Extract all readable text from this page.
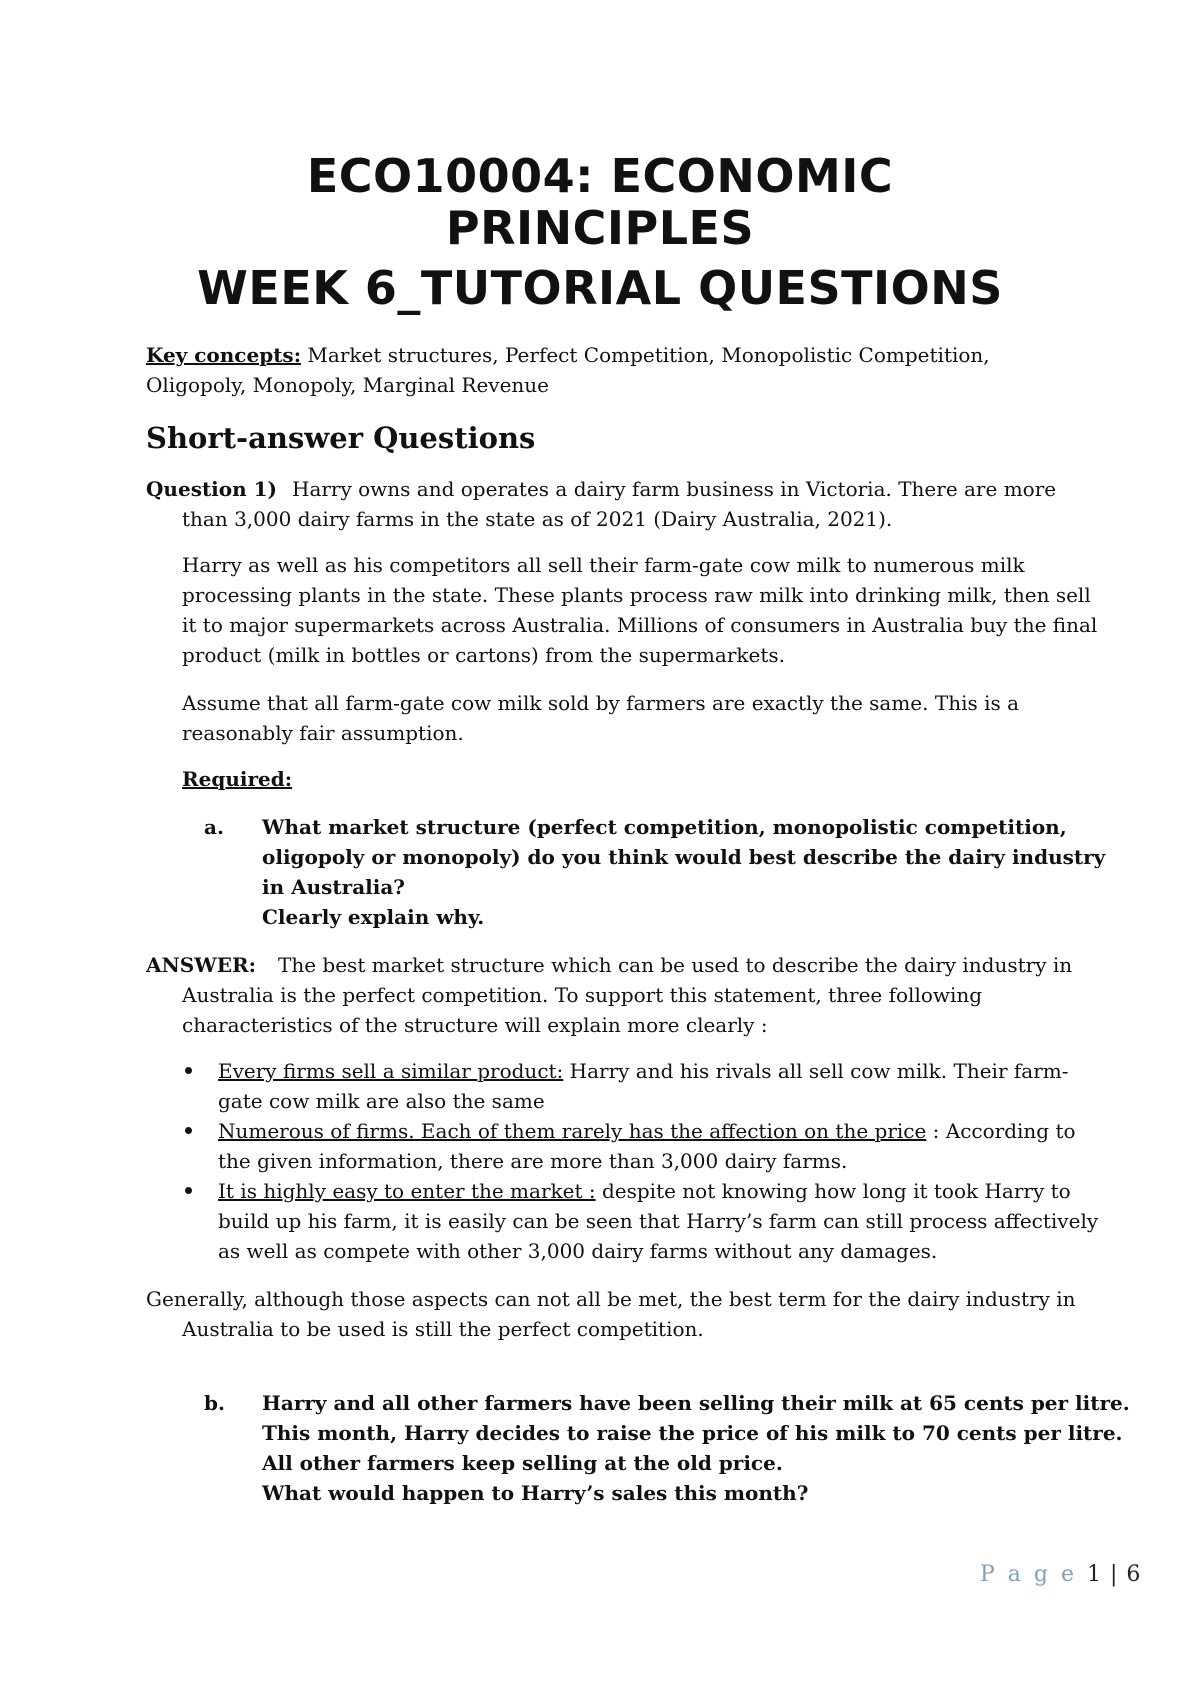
ECO10004: ECONOMIC
PRINCIPLES
WEEK 6_TUTORIAL QUESTIONS

Key concepts: Market structures, Perfect Competition, Monopolistic Competition,

Oligopoly, Monopoly, Marginal Revenue

Short-answer Questions
Question 1) Harry owns and operates a dairy farm business in Victoria. There are more

than 3,000 dairy farms in the state as of 2021 (Dairy Australia, 2021).

Harry as well as his competitors all sell their farm-gate cow milk to numerous milk

processing plants in the state. These plants process raw milk into drinking milk, then sell

it to major supermarkets across Australia. Millions of consumers in Australia buy the final

product (milk in bottles or cartons) from the supermarkets.

Assume that all farm-gate cow milk sold by farmers are exactly the same. This is a

reasonably fair assumption.

Required:

a. What market structure (perfect competition, monopolistic competition,

oligopoly or monopoly) do you think would best describe the dairy industry

in Australia?

Clearly explain why.

ANSWER: The best market structure which can be used to describe the dairy industry in

Australia is the perfect competition. To support this statement, three following

characteristics of the structure will explain more clearly :

Every firms sell a similar product: Harry and his rivals all sell cow milk. Their farm-

gate cow milk are also the same

Numerous of firms. Each of them rarely has the affection on the price : According to

the given information, there are more than 3,000 dairy farms.

It is highly easy to enter the market : despite not knowing how long it took Harry to

build up his farm, it is easily can be seen that Harry’s farm can still process affectively

as well as compete with other 3,000 dairy farms without any damages.

Generally, although those aspects can not all be met, the best term for the dairy industry in

Australia to be used is still the perfect competition.

b. Harry and all other farmers have been selling their milk at 65 cents per litre.

This month, Harry decides to raise the price of his milk to 70 cents per litre.

All other farmers keep selling at the old price.

What would happen to Harry’s sales this month?

P a g e 1 | 6
